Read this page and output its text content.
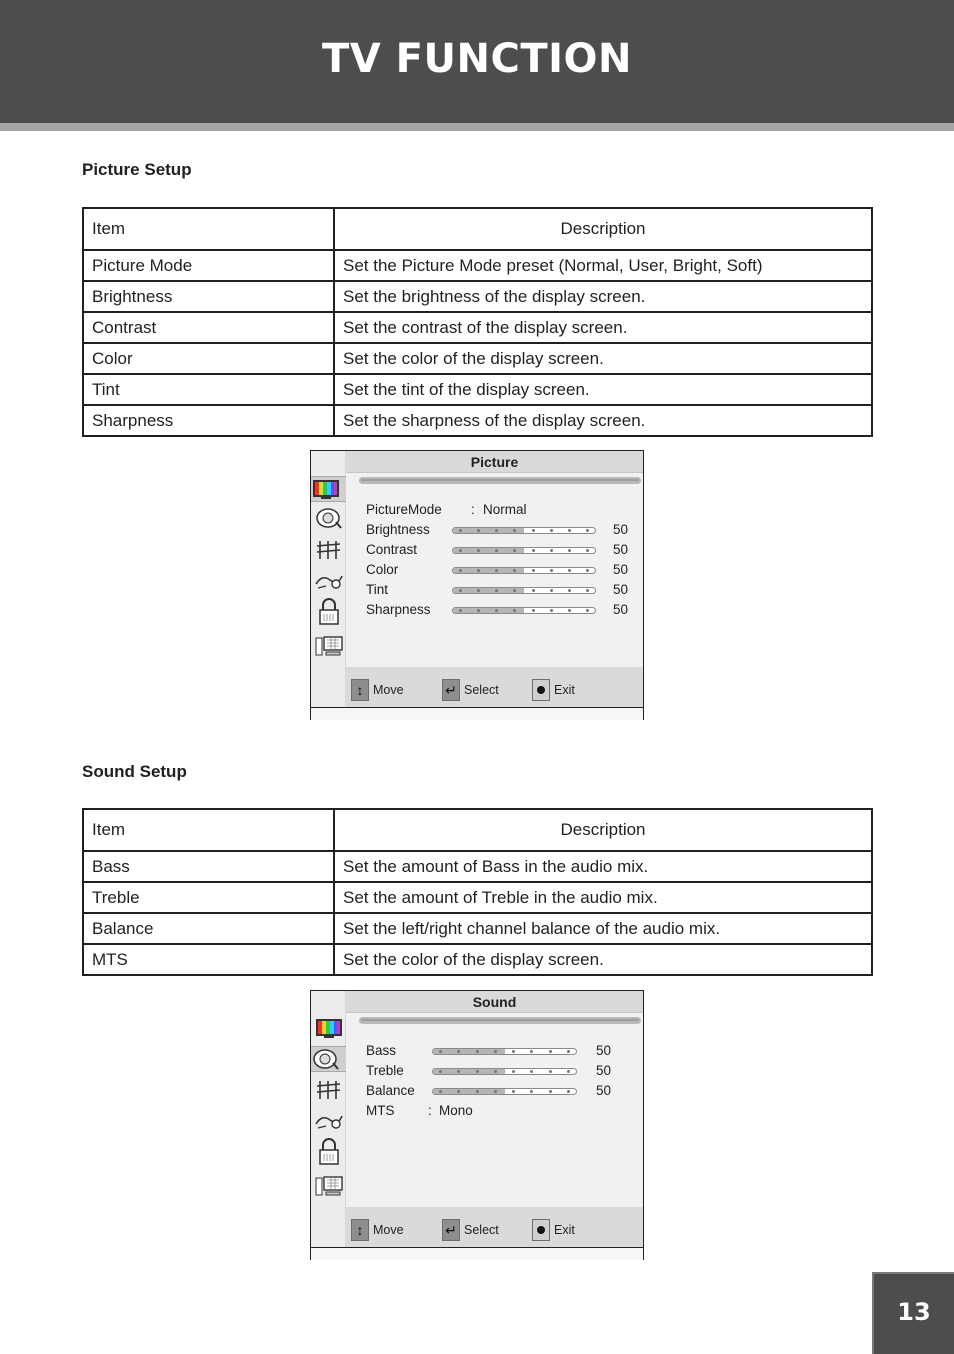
TV FUNCTION
Picture Setup
Item	Description
Picture Mode	Set the Picture Mode preset (Normal, User, Bright, Soft)
Brightness	Set the brightness of the display screen.
Contrast	Set the contrast of the display screen.
Color	Set the color of the display screen.
Tint	Set the tint of the display screen.
Sharpness	Set the sharpness of the display screen.
Picture
PictureMode : Normal
Brightness	50
Contrast	50
Color	50
Tint	50
Sharpness	50
↕ Move	↵ Select	Exit
Sound Setup
Item	Description
Bass	Set the amount of Bass in the audio mix.
Treble	Set the amount of Treble in the audio mix.
Balance	Set the left/right channel balance of the audio mix.
MTS	Set the color of the display screen.
Sound
Bass	50
Treble	50
Balance	50
MTS : Mono
↕ Move	↵ Select	Exit
13
